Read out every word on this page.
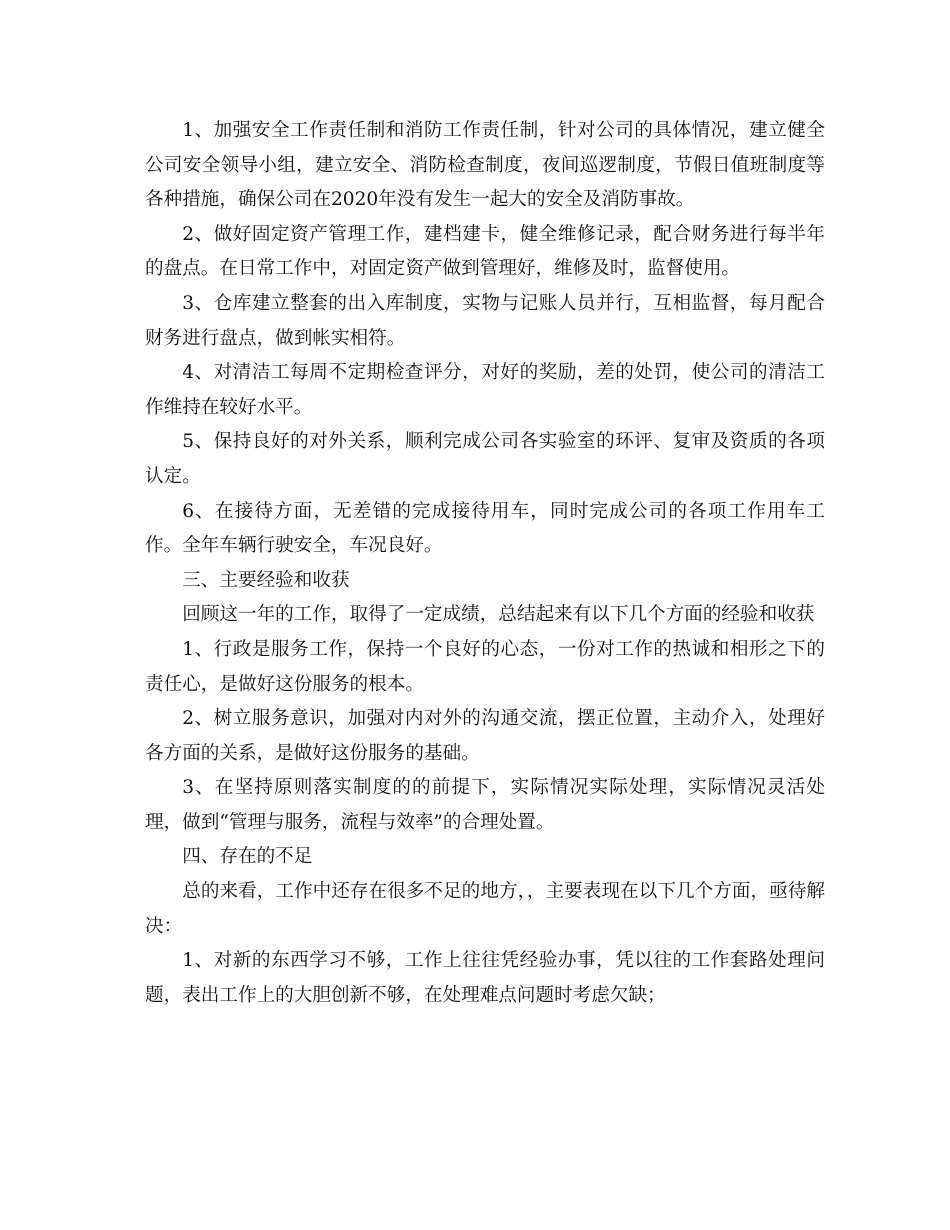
1、加强安全工作责任制和消防工作责任制，针对公司的具体情况，建立健全公司安全领导小组，建立安全、消防检查制度，夜间巡逻制度，节假日值班制度等各种措施，确保公司在2020年没有发生一起大的安全及消防事故。

2、做好固定资产管理工作，建档建卡，健全维修记录，配合财务进行每半年的盘点。在日常工作中，对固定资产做到管理好，维修及时，监督使用。

3、仓库建立整套的出入库制度，实物与记账人员并行，互相监督，每月配合财务进行盘点，做到帐实相符。

4、对清洁工每周不定期检查评分，对好的奖励，差的处罚，使公司的清洁工作维持在较好水平。

5、保持良好的对外关系，顺利完成公司各实验室的环评、复审及资质的各项认定。

6、在接待方面，无差错的完成接待用车，同时完成公司的各项工作用车工作。全年车辆行驶安全，车况良好。

三、主要经验和收获

回顾这一年的工作，取得了一定成绩，总结起来有以下几个方面的经验和收获

1、行政是服务工作，保持一个良好的心态，一份对工作的热诚和相形之下的责任心，是做好这份服务的根本。

2、树立服务意识，加强对内对外的沟通交流，摆正位置，主动介入，处理好各方面的关系，是做好这份服务的基础。

3、在坚持原则落实制度的的前提下，实际情况实际处理，实际情况灵活处理，做到“管理与服务，流程与效率”的合理处置。

四、存在的不足

总的来看，工作中还存在很多不足的地方，，主要表现在以下几个方面，亟待解决：

1、对新的东西学习不够，工作上往往凭经验办事，凭以往的工作套路处理问题，表出工作上的大胆创新不够，在处理难点问题时考虑欠缺；
